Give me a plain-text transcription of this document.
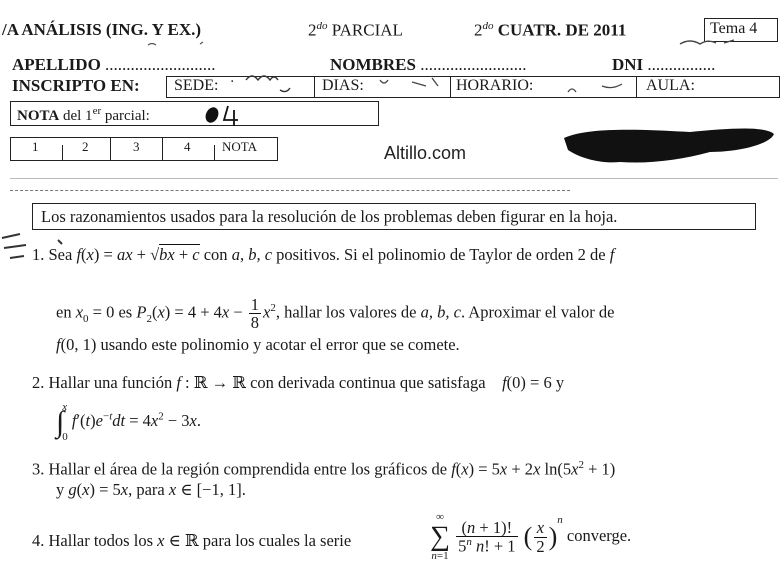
/A ANÁLISIS (ING. Y EX.)	$2^{do}$ PARCIAL	$2^{do}$ CUATR. DE 2011	Tema 4
APELLIDO ..........................	NOMBRES .........................	DNI ................
INSCRIPTO EN: SEDE: .	DIAS:	HORARIO:	AULA:
NOTA del 1er parcial:
1	2	3	4 NOTA	Altillo.com
Los razonamientos usados para la resolución de los problemas deben figurar en la hoja.
1. Sea f(x) = ax + √bx + c con a, b, c positivos. Si el polinomio de Taylor de orden 2 de f
en $x_0 = 0$ es $P_2(x) = 4 + 4x - \frac{1}{8} x^2$, hallar los valores de a, b, c. Aproximar el valor de
f(0, 1) usando este polinomio y acotar el error que se comete.
2. Hallar una función f : ℝ → ℝ con derivada continua que satisfaga f(0) = 6 y
∫
x
0
$f'(t)e^{-t}dt = 4x^2 - 3x$.
3. Hallar el área de la región comprendida entre los gráficos de f(x) = 5x + 2x $\ln(5x^2 + 1)$
y g(x) = 5x, para x ∈ [−1, 1].
4. Hallar todos los x ∈ ℝ para los cuales la serie
∞
∑
n=1

$\frac{(n + 1)!}{5^n n! + 1}$ ( $\frac{x}{2} )^n$ converge.
